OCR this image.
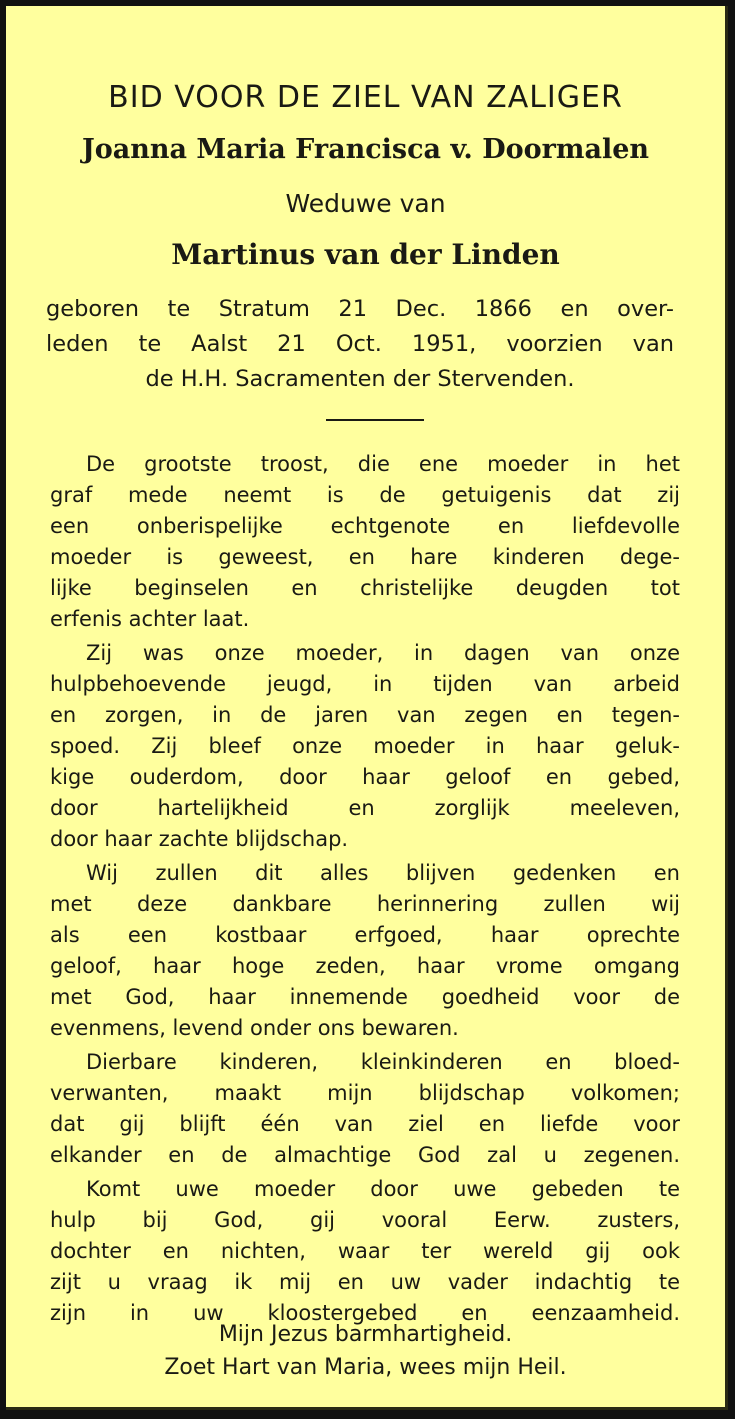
BID VOOR DE ZIEL VAN ZALIGER
Joanna Maria Francisca v. Doormalen
Weduwe van
Martinus van der Linden
geboren te Stratum 21 Dec. 1866 en over-
leden te Aalst 21 Oct. 1951, voorzien van
de H.H. Sacramenten der Stervenden.
De grootste troost, die ene moeder in het
graf mede neemt is de getuigenis dat zij
een onberispelijke echtgenote en liefdevolle
moeder is geweest, en hare kinderen dege-
lijke beginselen en christelijke deugden tot
erfenis achter laat.
Zij was onze moeder, in dagen van onze
hulpbehoevende jeugd, in tijden van arbeid
en zorgen, in de jaren van zegen en tegen-
spoed. Zij bleef onze moeder in haar geluk-
kige ouderdom, door haar geloof en gebed,
door hartelijkheid en zorglijk meeleven,
door haar zachte blijdschap.
Wij zullen dit alles blijven gedenken en
met deze dankbare herinnering zullen wij
als een kostbaar erfgoed, haar oprechte
geloof, haar hoge zeden, haar vrome omgang
met God, haar innemende goedheid voor de
evenmens, levend onder ons bewaren.
Dierbare kinderen, kleinkinderen en bloed-
verwanten, maakt mijn blijdschap volkomen;
dat gij blijft één van ziel en liefde voor
elkander en de almachtige God zal u zegenen.
Komt uwe moeder door uwe gebeden te
hulp bij God, gij vooral Eerw. zusters,
dochter en nichten, waar ter wereld gij ook
zijt u vraag ik mij en uw vader indachtig te
zijn in uw kloostergebed en eenzaamheid.
Mijn Jezus barmhartigheid.
Zoet Hart van Maria, wees mijn Heil.
